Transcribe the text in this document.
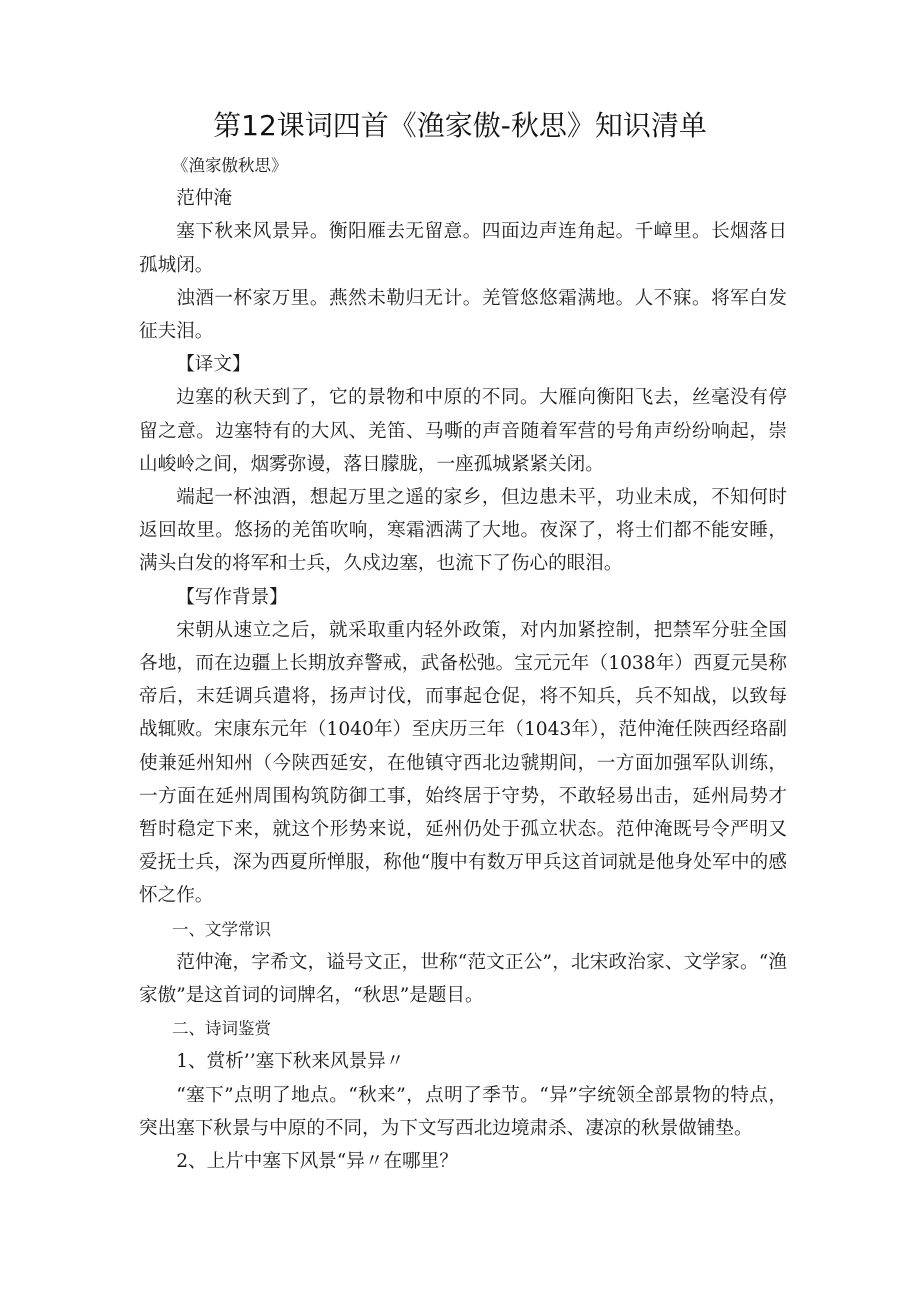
第12课词四首《渔家傲-秋思》知识清单

《渔家傲秋思》

范仲淹

塞下秋来风景异。衡阳雁去无留意。四面边声连角起。千嶂里。长烟落日孤城闭。

浊酒一杯家万里。燕然未勒归无计。羌管悠悠霜满地。人不寐。将军白发征夫泪。

【译文】

边塞的秋天到了，它的景物和中原的不同。大雁向衡阳飞去，丝毫没有停留之意。边塞特有的大风、羌笛、马嘶的声音随着军营的号角声纷纷响起，崇山峻岭之间，烟雾弥谩，落日朦胧，一座孤城紧紧关闭。

端起一杯浊酒，想起万里之遥的家乡，但边患未平，功业未成，不知何时返回故里。悠扬的羌笛吹响，寒霜洒满了大地。夜深了，将士们都不能安睡，满头白发的将军和士兵，久戍边塞，也流下了伤心的眼泪。

【写作背景】

宋朝从速立之后，就采取重内轻外政策，对内加紧控制，把禁军分驻全国各地，而在边疆上长期放弃警戒，武备松弛。宝元元年（1038年）西夏元昊称帝后，末廷调兵遣将，扬声讨伐，而事起仓促，将不知兵，兵不知战，以致每战辄败。宋康东元年（1040年）至庆历三年（1043年），范仲淹任陕西经珞副使兼延州知州（今陕西延安，在他镇守西北边虢期间，一方面加强军队训练，一方面在延州周围构筑防御工事，始终居于守势，不敢轻易出击，延州局势才暂时稳定下来，就这个形势来说，延州仍处于孤立状态。范仲淹既号令严明又爱抚士兵，深为西夏所惮服，称他“腹中有数万甲兵这首词就是他身处军中的感怀之作。

一、文学常识

范仲淹，字希文，谥号文正，世称“范文正公”，北宋政治家、文学家。“渔家傲”是这首词的词牌名，“秋思”是题目。

二、诗词鉴赏

1、赏析’’塞下秋来风景异〃

“塞下”点明了地点。“秋来”，点明了季节。“异”字统领全部景物的特点，突出塞下秋景与中原的不同，为下文写西北边境肃杀、凄凉的秋景做铺垫。

2、上片中塞下风景“异〃在哪里？
